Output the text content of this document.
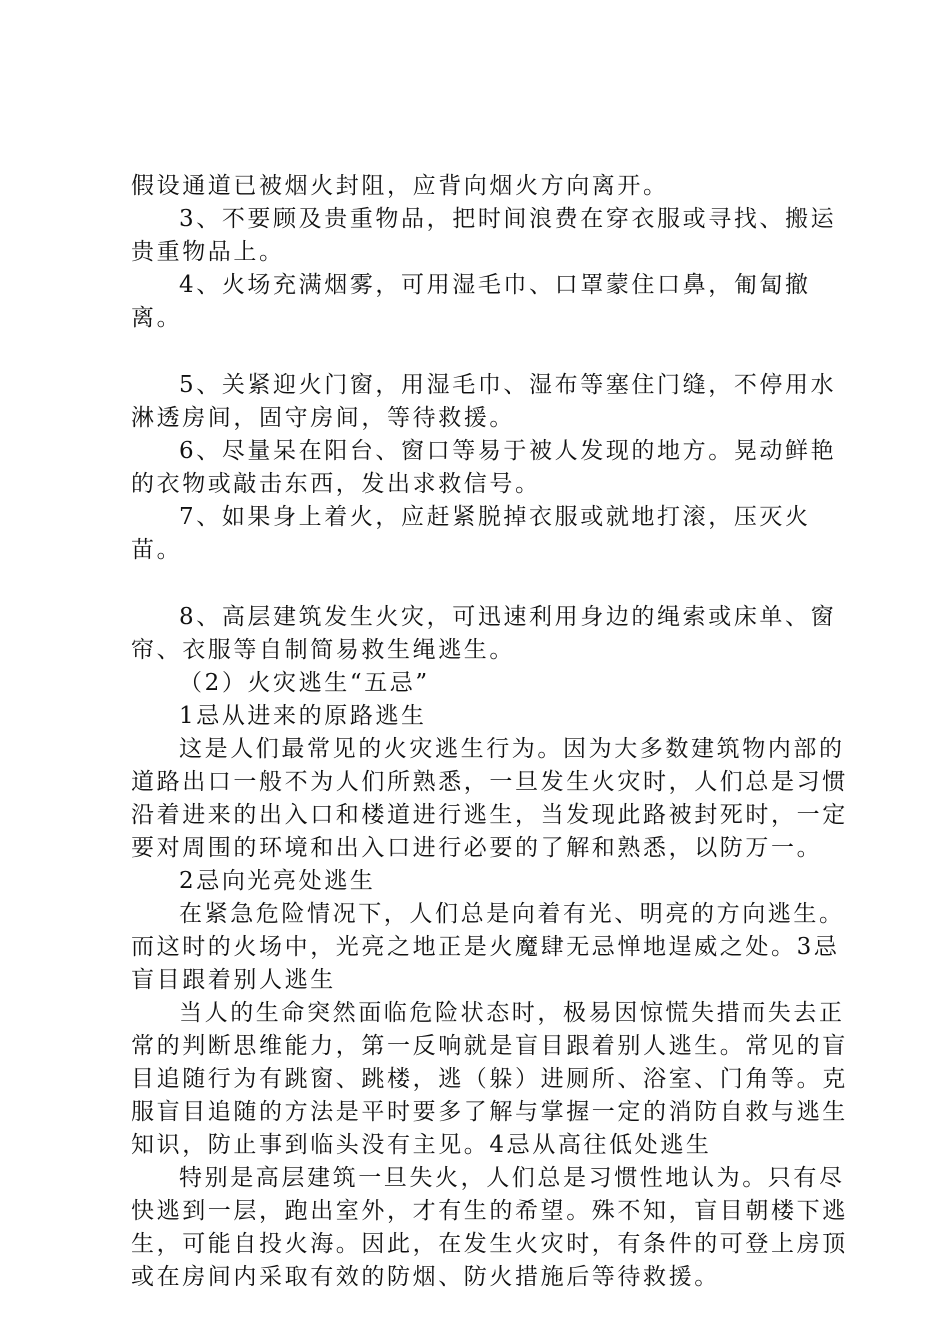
假设通道已被烟火封阻，应背向烟火方向离开。

3、不要顾及贵重物品，把时间浪费在穿衣服或寻找、搬运贵重物品上。

4、火场充满烟雾，可用湿毛巾、口罩蒙住口鼻，匍匐撤离。

5、关紧迎火门窗，用湿毛巾、湿布等塞住门缝，不停用水淋透房间，固守房间，等待救援。

6、尽量呆在阳台、窗口等易于被人发现的地方。晃动鲜艳的衣物或敲击东西，发出求救信号。

7、如果身上着火，应赶紧脱掉衣服或就地打滚，压灭火苗。

8、高层建筑发生火灾，可迅速利用身边的绳索或床单、窗帘、衣服等自制简易救生绳逃生。

（2）火灾逃生“五忌”

1忌从进来的原路逃生

这是人们最常见的火灾逃生行为。因为大多数建筑物内部的道路出口一般不为人们所熟悉，一旦发生火灾时，人们总是习惯沿着进来的出入口和楼道进行逃生，当发现此路被封死时，一定要对周围的环境和出入口进行必要的了解和熟悉，以防万一。

2忌向光亮处逃生

在紧急危险情况下，人们总是向着有光、明亮的方向逃生。而这时的火场中，光亮之地正是火魔肆无忌惮地逞威之处。3忌盲目跟着别人逃生

当人的生命突然面临危险状态时，极易因惊慌失措而失去正常的判断思维能力，第一反响就是盲目跟着别人逃生。常见的盲目追随行为有跳窗、跳楼，逃（躲）进厕所、浴室、门角等。克服盲目追随的方法是平时要多了解与掌握一定的消防自救与逃生知识，防止事到临头没有主见。4忌从高往低处逃生

特别是高层建筑一旦失火，人们总是习惯性地认为。只有尽快逃到一层，跑出室外，才有生的希望。殊不知，盲目朝楼下逃生，可能自投火海。因此，在发生火灾时，有条件的可登上房顶或在房间内采取有效的防烟、防火措施后等待救援。
